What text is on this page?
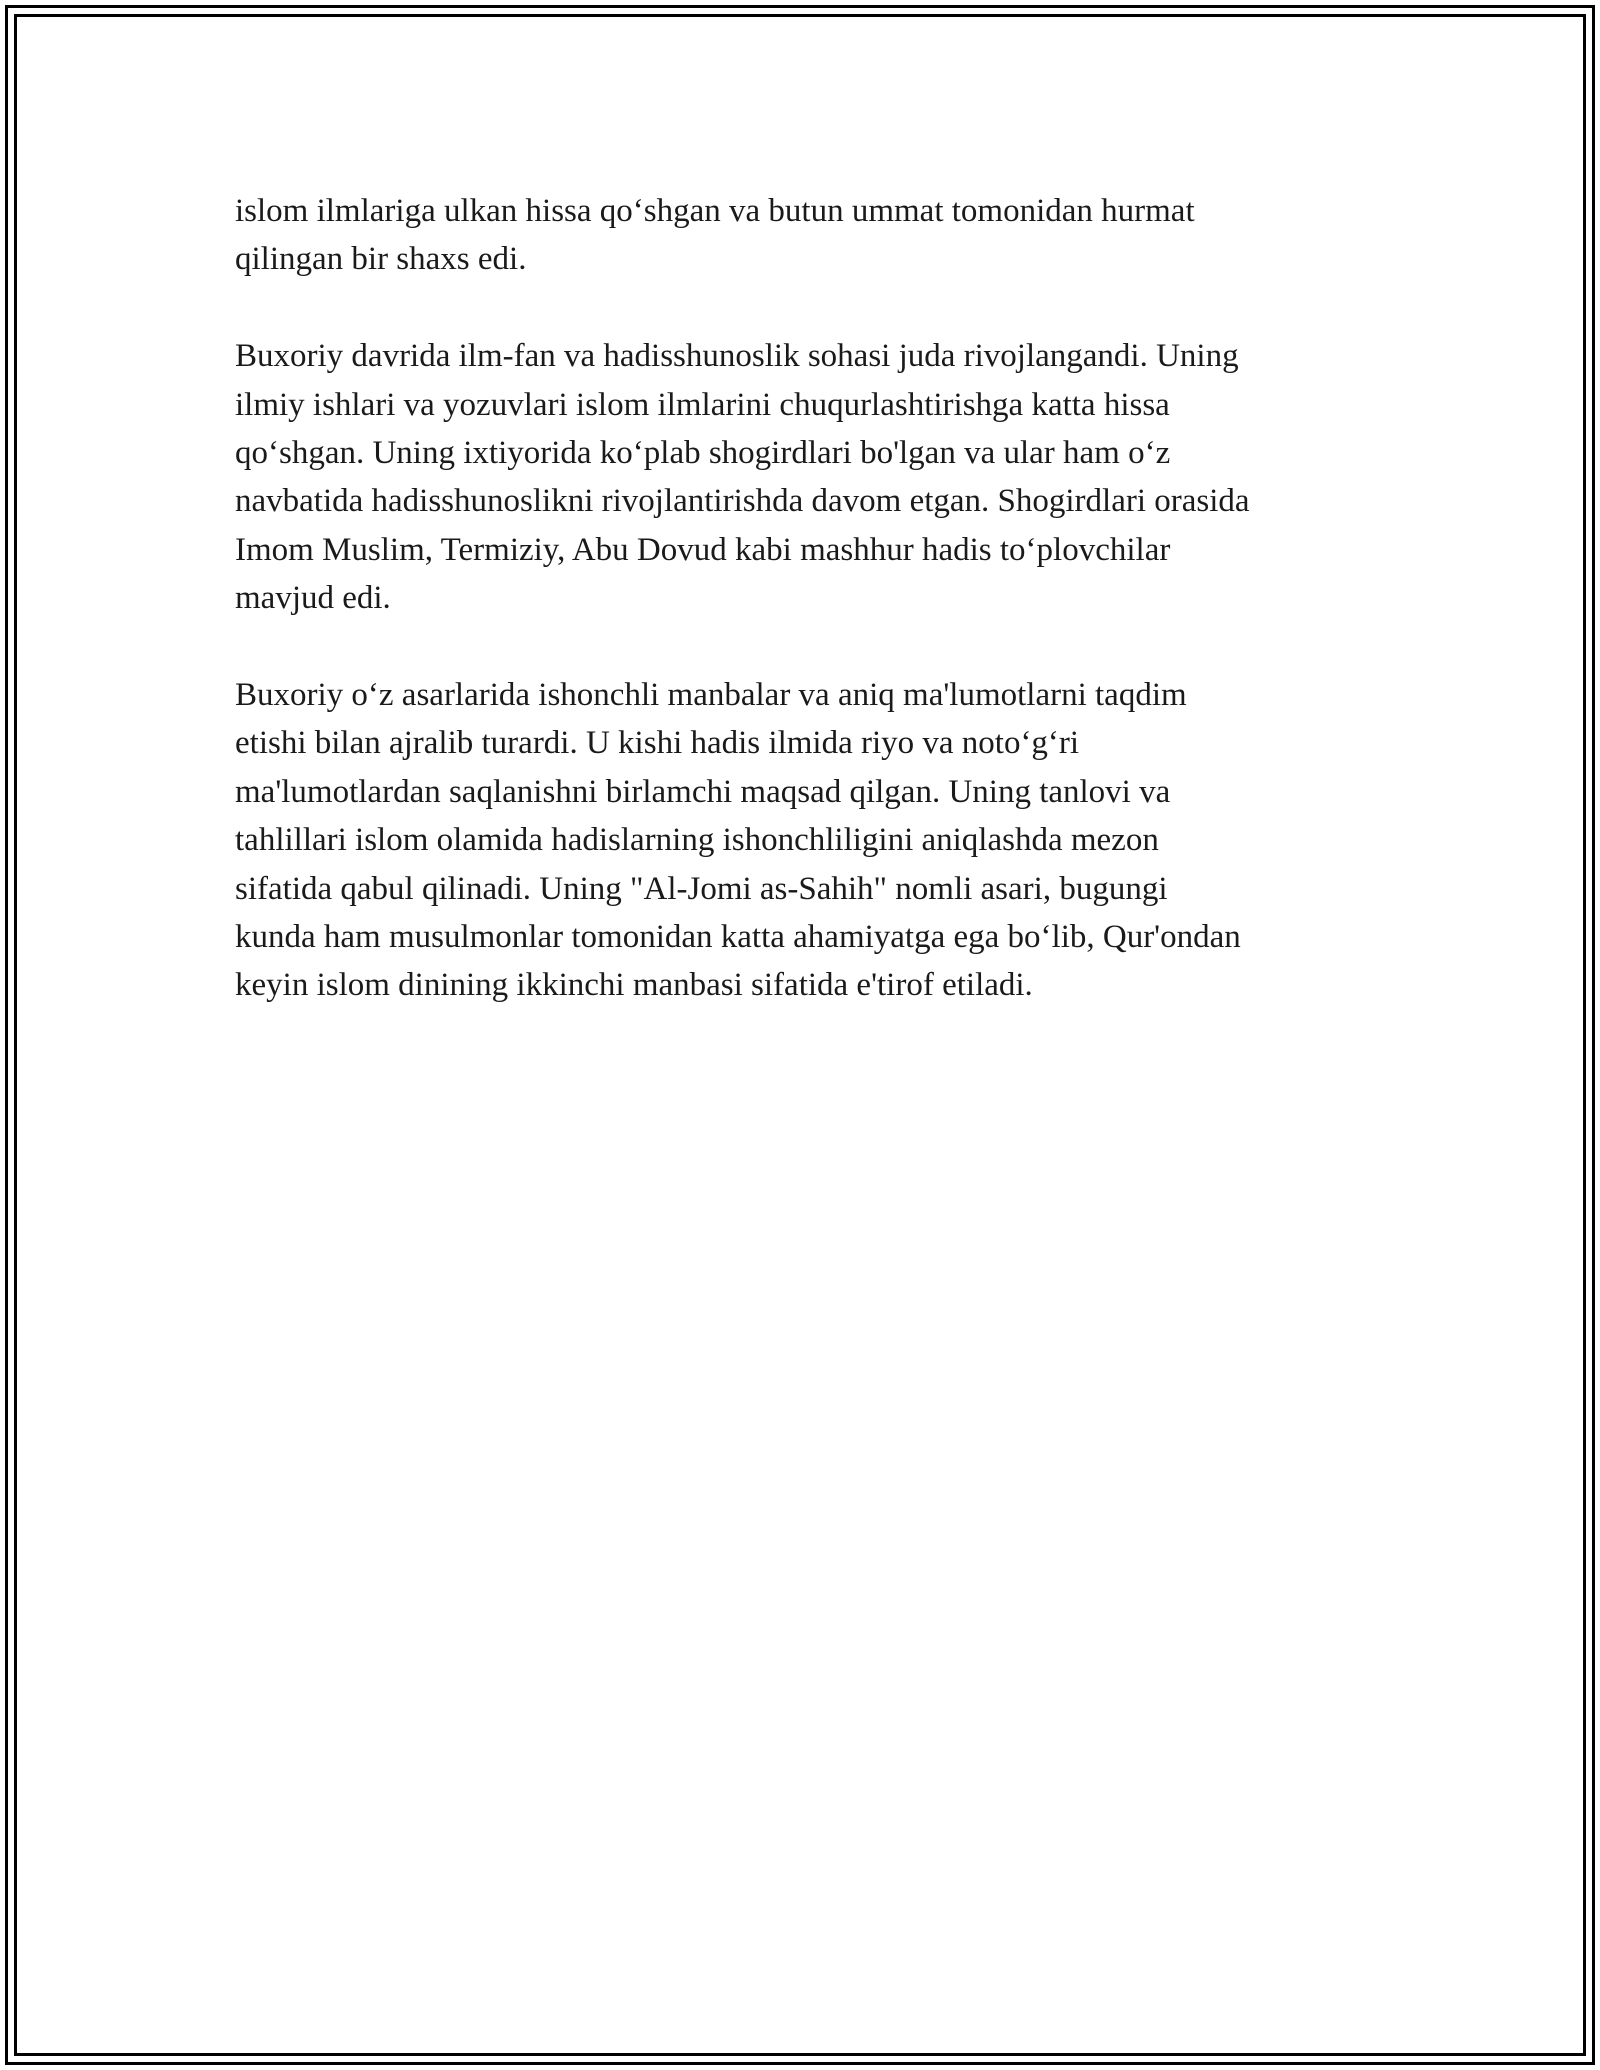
islom ilmlariga ulkan hissa qo‘shgan va butun ummat tomonidan hurmat
qilingan bir shaxs edi.

Buxoriy davrida ilm-fan va hadisshunoslik sohasi juda rivojlangandi. Uning
ilmiy ishlari va yozuvlari islom ilmlarini chuqurlashtirishga katta hissa
qo‘shgan. Uning ixtiyorida ko‘plab shogirdlari bo'lgan va ular ham o‘z
navbatida hadisshunoslikni rivojlantirishda davom etgan. Shogirdlari orasida
Imom Muslim, Termiziy, Abu Dovud kabi mashhur hadis to‘plovchilar
mavjud edi.

Buxoriy o‘z asarlarida ishonchli manbalar va aniq ma'lumotlarni taqdim
etishi bilan ajralib turardi. U kishi hadis ilmida riyo va noto‘g‘ri
ma'lumotlardan saqlanishni birlamchi maqsad qilgan. Uning tanlovi va
tahlillari islom olamida hadislarning ishonchliligini aniqlashda mezon
sifatida qabul qilinadi. Uning "Al-Jomi as-Sahih" nomli asari, bugungi
kunda ham musulmonlar tomonidan katta ahamiyatga ega bo‘lib, Qur'ondan
keyin islom dinining ikkinchi manbasi sifatida e'tirof etiladi.
